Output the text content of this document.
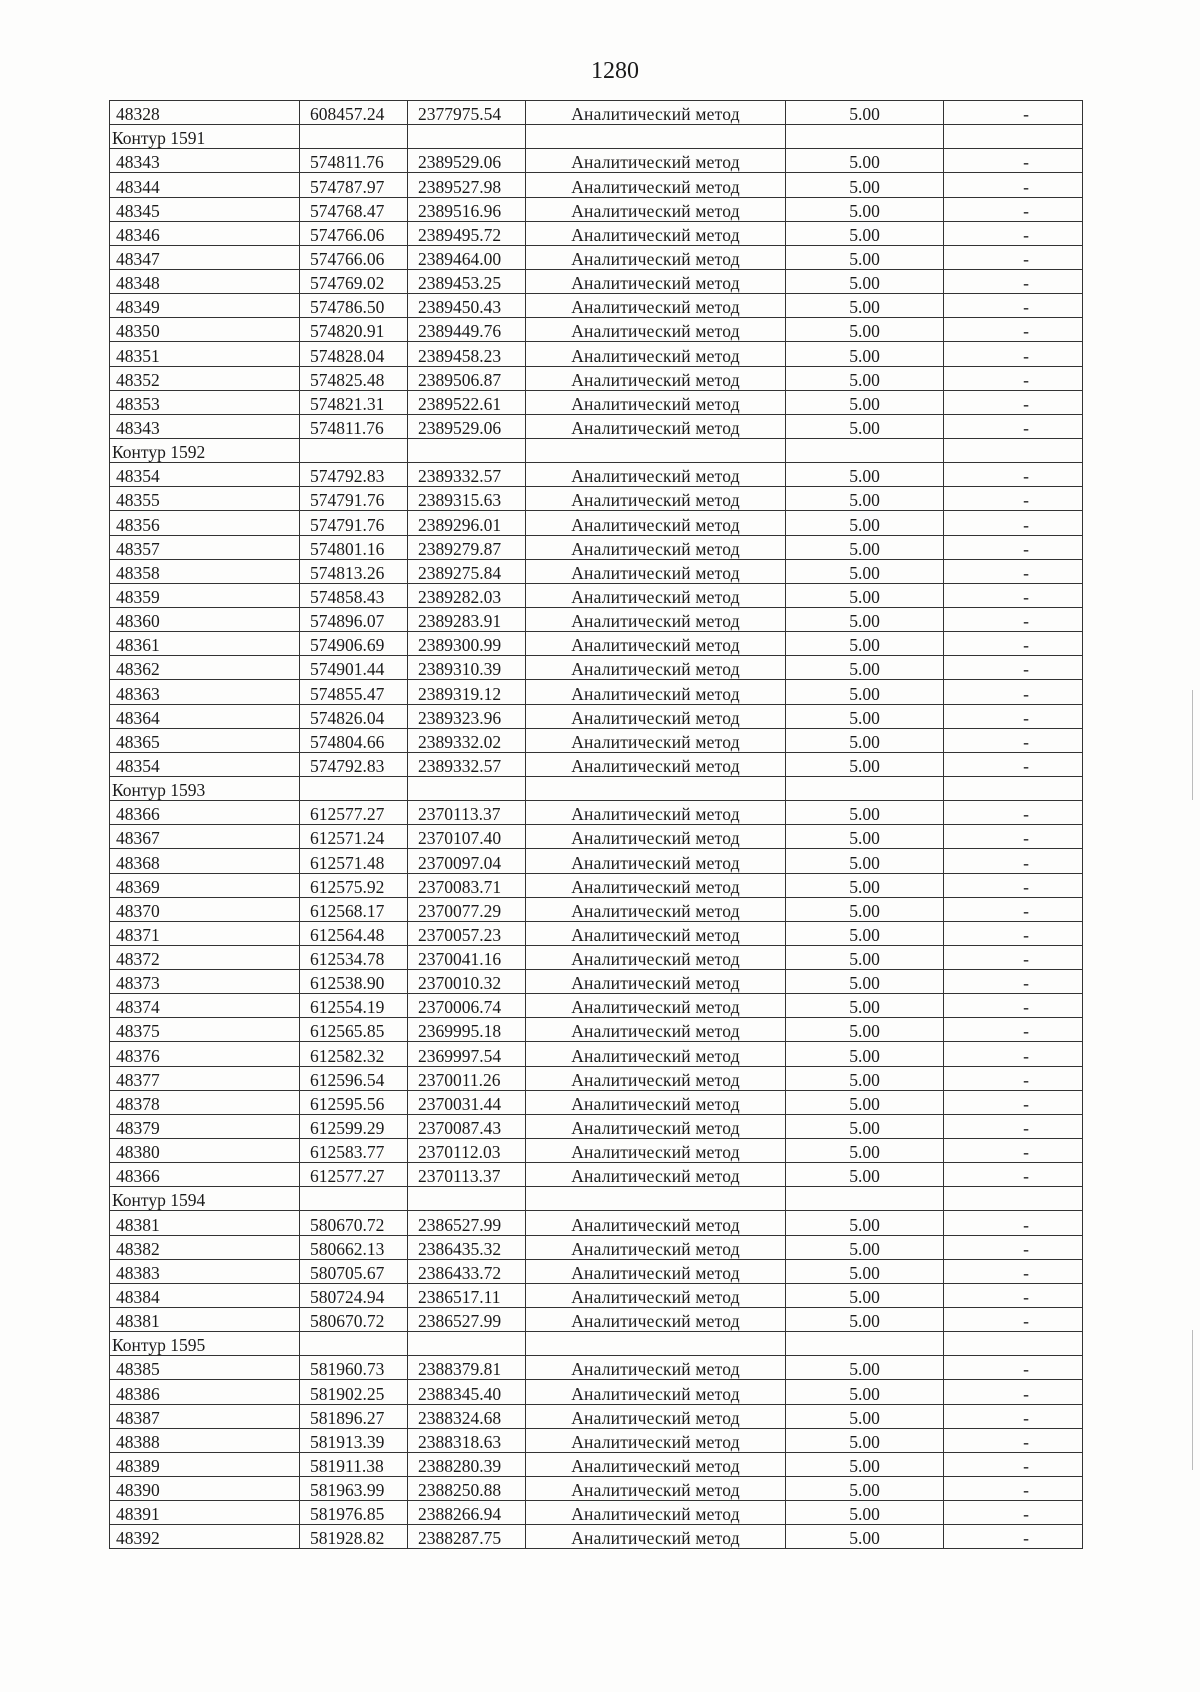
1280
48328	608457.24	2377975.54	Аналитический метод	5.00	-
Контур 1591					
48343	574811.76	2389529.06	Аналитический метод	5.00	-
48344	574787.97	2389527.98	Аналитический метод	5.00	-
48345	574768.47	2389516.96	Аналитический метод	5.00	-
48346	574766.06	2389495.72	Аналитический метод	5.00	-
48347	574766.06	2389464.00	Аналитический метод	5.00	-
48348	574769.02	2389453.25	Аналитический метод	5.00	-
48349	574786.50	2389450.43	Аналитический метод	5.00	-
48350	574820.91	2389449.76	Аналитический метод	5.00	-
48351	574828.04	2389458.23	Аналитический метод	5.00	-
48352	574825.48	2389506.87	Аналитический метод	5.00	-
48353	574821.31	2389522.61	Аналитический метод	5.00	-
48343	574811.76	2389529.06	Аналитический метод	5.00	-
Контур 1592					
48354	574792.83	2389332.57	Аналитический метод	5.00	-
48355	574791.76	2389315.63	Аналитический метод	5.00	-
48356	574791.76	2389296.01	Аналитический метод	5.00	-
48357	574801.16	2389279.87	Аналитический метод	5.00	-
48358	574813.26	2389275.84	Аналитический метод	5.00	-
48359	574858.43	2389282.03	Аналитический метод	5.00	-
48360	574896.07	2389283.91	Аналитический метод	5.00	-
48361	574906.69	2389300.99	Аналитический метод	5.00	-
48362	574901.44	2389310.39	Аналитический метод	5.00	-
48363	574855.47	2389319.12	Аналитический метод	5.00	-
48364	574826.04	2389323.96	Аналитический метод	5.00	-
48365	574804.66	2389332.02	Аналитический метод	5.00	-
48354	574792.83	2389332.57	Аналитический метод	5.00	-
Контур 1593					
48366	612577.27	2370113.37	Аналитический метод	5.00	-
48367	612571.24	2370107.40	Аналитический метод	5.00	-
48368	612571.48	2370097.04	Аналитический метод	5.00	-
48369	612575.92	2370083.71	Аналитический метод	5.00	-
48370	612568.17	2370077.29	Аналитический метод	5.00	-
48371	612564.48	2370057.23	Аналитический метод	5.00	-
48372	612534.78	2370041.16	Аналитический метод	5.00	-
48373	612538.90	2370010.32	Аналитический метод	5.00	-
48374	612554.19	2370006.74	Аналитический метод	5.00	-
48375	612565.85	2369995.18	Аналитический метод	5.00	-
48376	612582.32	2369997.54	Аналитический метод	5.00	-
48377	612596.54	2370011.26	Аналитический метод	5.00	-
48378	612595.56	2370031.44	Аналитический метод	5.00	-
48379	612599.29	2370087.43	Аналитический метод	5.00	-
48380	612583.77	2370112.03	Аналитический метод	5.00	-
48366	612577.27	2370113.37	Аналитический метод	5.00	-
Контур 1594					
48381	580670.72	2386527.99	Аналитический метод	5.00	-
48382	580662.13	2386435.32	Аналитический метод	5.00	-
48383	580705.67	2386433.72	Аналитический метод	5.00	-
48384	580724.94	2386517.11	Аналитический метод	5.00	-
48381	580670.72	2386527.99	Аналитический метод	5.00	-
Контур 1595					
48385	581960.73	2388379.81	Аналитический метод	5.00	-
48386	581902.25	2388345.40	Аналитический метод	5.00	-
48387	581896.27	2388324.68	Аналитический метод	5.00	-
48388	581913.39	2388318.63	Аналитический метод	5.00	-
48389	581911.38	2388280.39	Аналитический метод	5.00	-
48390	581963.99	2388250.88	Аналитический метод	5.00	-
48391	581976.85	2388266.94	Аналитический метод	5.00	-
48392	581928.82	2388287.75	Аналитический метод	5.00	-
